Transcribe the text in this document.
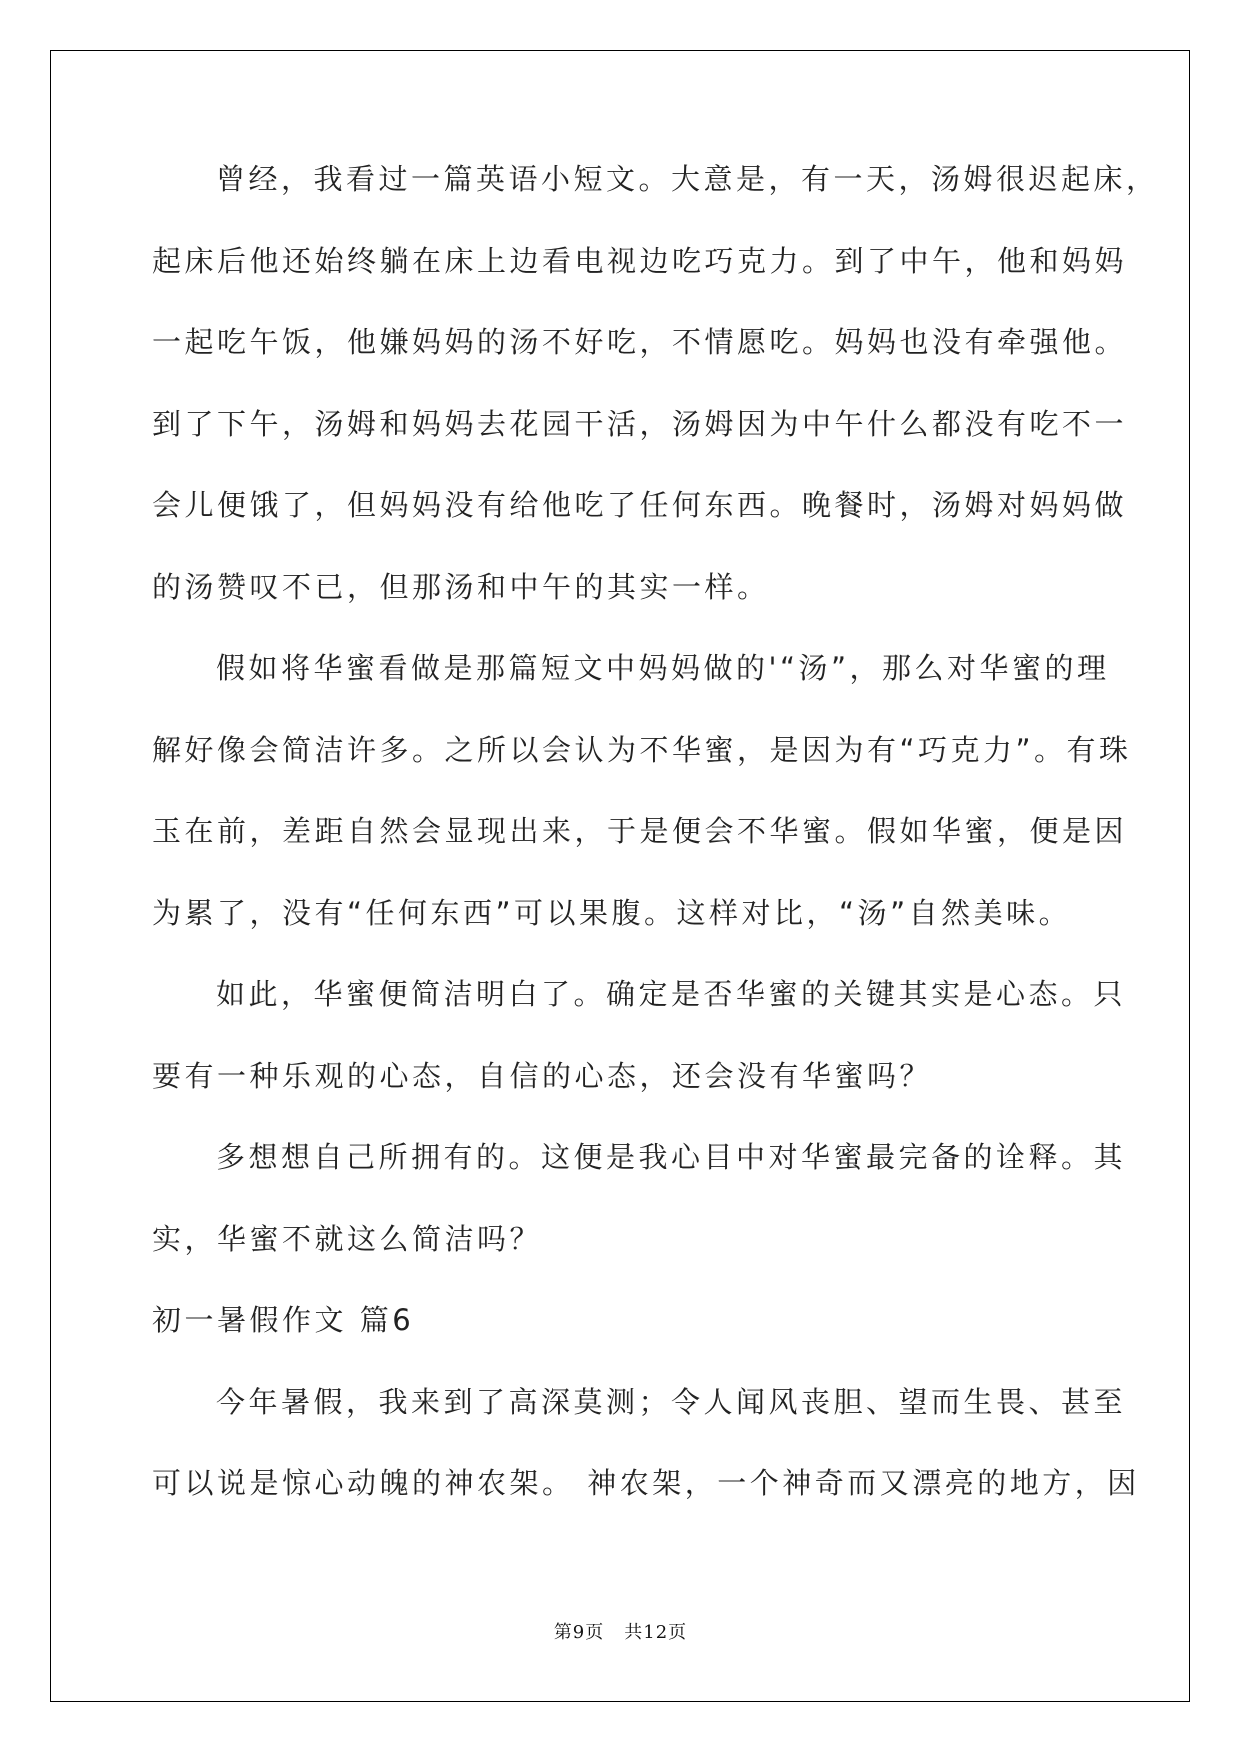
曾经，我看过一篇英语小短文。大意是，有一天，汤姆很迟起床，
起床后他还始终躺在床上边看电视边吃巧克力。到了中午，他和妈妈
一起吃午饭，他嫌妈妈的汤不好吃，不情愿吃。妈妈也没有牵强他。
到了下午，汤姆和妈妈去花园干活，汤姆因为中午什么都没有吃不一
会儿便饿了，但妈妈没有给他吃了任何东西。晚餐时，汤姆对妈妈做
的汤赞叹不已，但那汤和中午的其实一样。
假如将华蜜看做是那篇短文中妈妈做的'“汤”，那么对华蜜的理
解好像会简洁许多。之所以会认为不华蜜，是因为有“巧克力”。有珠
玉在前，差距自然会显现出来，于是便会不华蜜。假如华蜜，便是因
为累了，没有“任何东西”可以果腹。这样对比，“汤”自然美味。
如此，华蜜便简洁明白了。确定是否华蜜的关键其实是心态。只
要有一种乐观的心态，自信的心态，还会没有华蜜吗？
多想想自己所拥有的。这便是我心目中对华蜜最完备的诠释。其
实，华蜜不就这么简洁吗？
初一暑假作文 篇6
今年暑假，我来到了高深莫测；令人闻风丧胆、望而生畏、甚至
可以说是惊心动魄的神农架。 神农架，一个神奇而又漂亮的地方，因
第9页 共12页
